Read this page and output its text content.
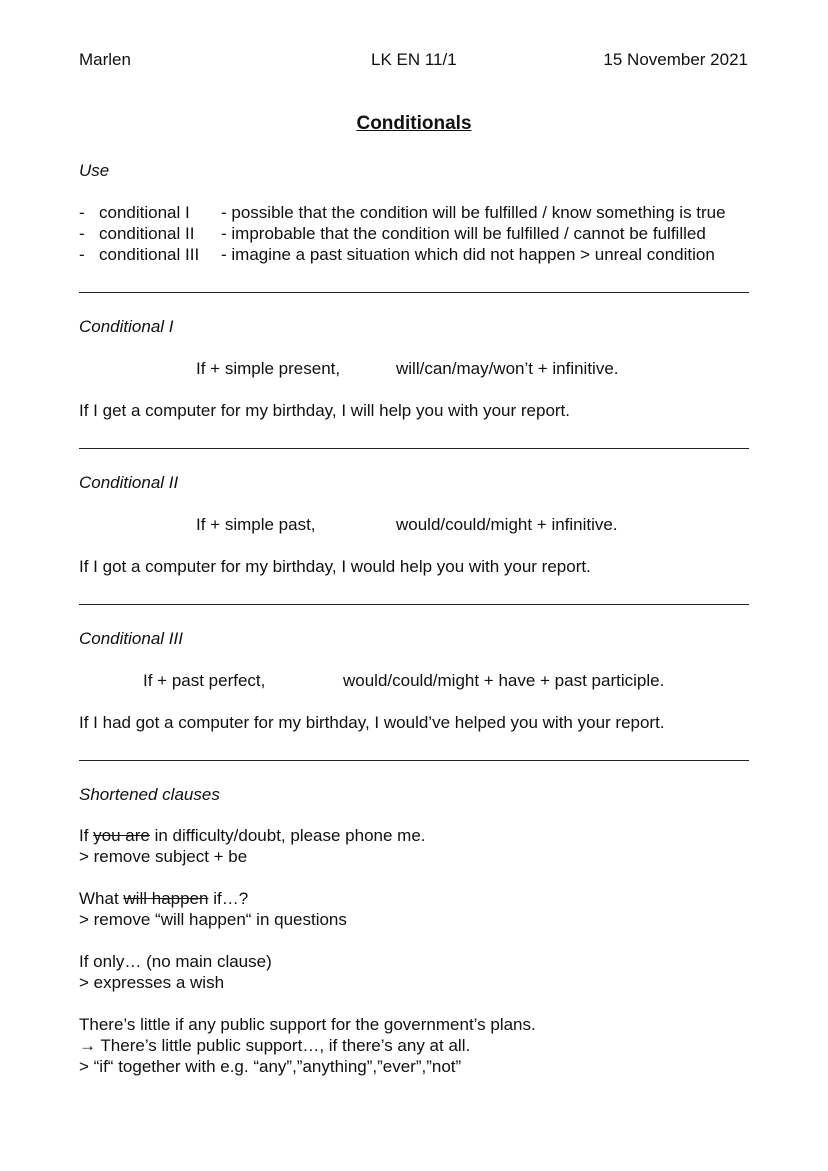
Marlen	LK EN 11/1	15 November 2021
Conditionals
Use
- conditional I - possible that the condition will be fulfilled / know something is true
- conditional II - improbable that the condition will be fulfilled / cannot be fulfilled
- conditional III - imagine a past situation which did not happen > unreal condition
Conditional I
If + simple present,	will/can/may/won’t + infinitive.
If I get a computer for my birthday, I will help you with your report.
Conditional II
If + simple past,	would/could/might + infinitive.
If I got a computer for my birthday, I would help you with your report.
Conditional III
If + past perfect,	would/could/might + have + past participle.
If I had got a computer for my birthday, I would’ve helped you with your report.
Shortened clauses
If you are in difficulty/doubt, please phone me.
> remove subject + be
What will happen if…?
> remove “will happen“ in questions
If only… (no main clause)
> expresses a wish
There’s little if any public support for the government’s plans.
→ There’s little public support…, if there’s any at all.
> “if“ together with e.g. “any”,”anything”,”ever”,”not”
